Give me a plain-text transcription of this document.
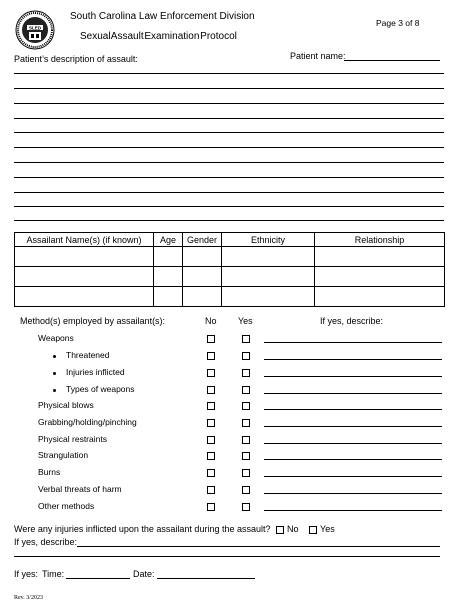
SLED
South Carolina Law Enforcement Division
Sexual Assault Examination Protocol
Page 3 of 8
Patient’s description of assault:	Patient name:
Assailant Name(s) (if known)	Age	Gender	Ethnicity	Relationship

Method(s) employed by assailant(s):	No Yes	If yes, describe:
Weapons
Threatened
Injuries inflicted
Types of weapons
Physical blows
Grabbing/holding/pinching
Physical restraints
Strangulation
Burns
Verbal threats of harm
Other methods
Were any injuries inflicted upon the assailant during the assault? No Yes
If yes, describe:
If yes: Time:	Date:
Rev. 3/2023
